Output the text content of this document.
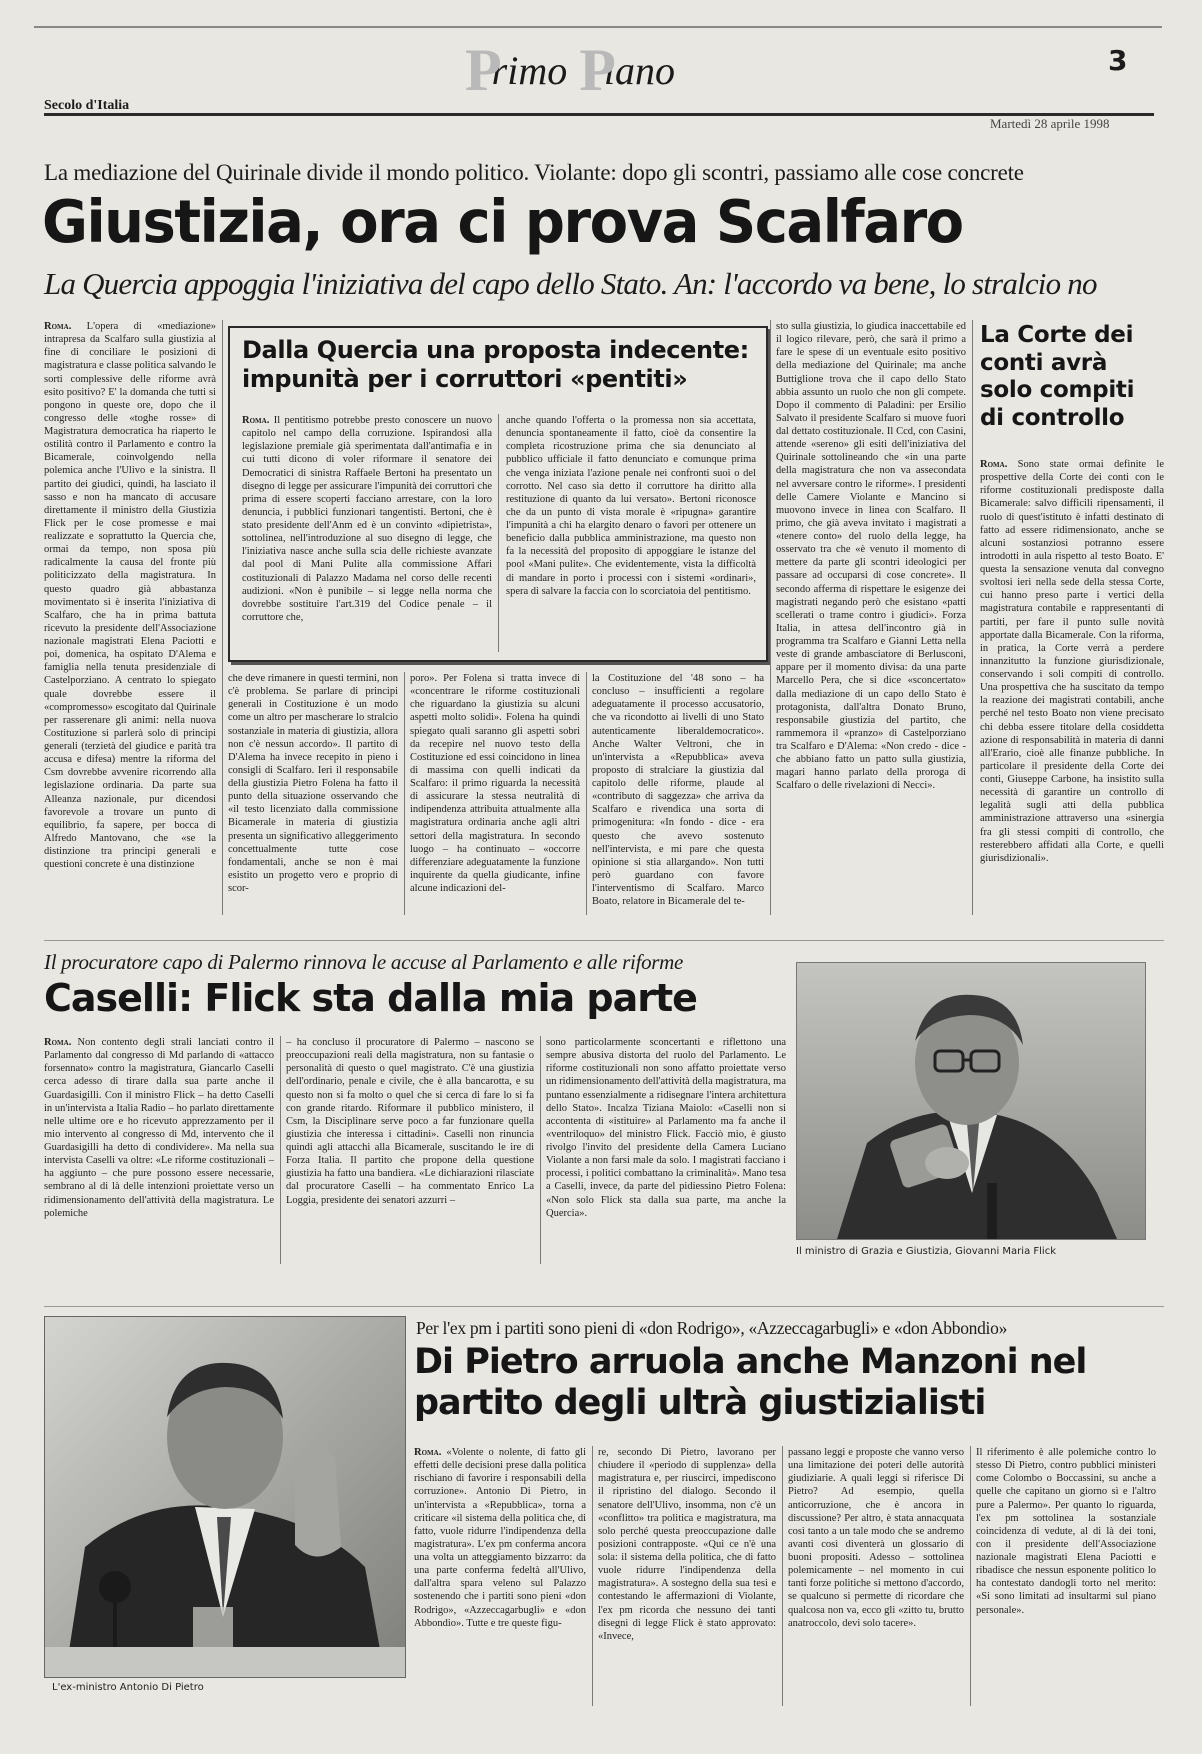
Primo Piano	3
Secolo d'Italia
Martedì 28 aprile 1998
La mediazione del Quirinale divide il mondo politico. Violante: dopo gli scontri, passiamo alle cose concrete
Giustizia, ora ci prova Scalfaro
La Quercia appoggia l'iniziativa del capo dello Stato. An: l'accordo va bene, lo stralcio no
Roma. L'opera di «mediazione» intrapresa da Scalfaro sulla giustizia al fine di conciliare le posizioni di magistratura e classe politica salvando le sorti complessive delle riforme avrà esito positivo? E' la domanda che tutti si pongono in queste ore, dopo che il congresso delle «toghe rosse» di Magistratura democratica ha riaperto le ostilità contro il Parlamento e contro la Bicamerale, coinvolgendo nella polemica anche l'Ulivo e la sinistra. Il partito dei giudici, quindi, ha lasciato il sasso e non ha mancato di accusare direttamente il ministro della Giustizia Flick per le cose promesse e mai realizzate e soprattutto la Quercia che, ormai da tempo, non sposa più radicalmente la causa del fronte più politicizzato della magistratura. In questo quadro già abbastanza movimentato si è inserita l'iniziativa di Scalfaro, che ha in prima battuta ricevuto la presidente dell'Associazione nazionale magistrati Elena Paciotti e poi, domenica, ha ospitato D'Alema e famiglia nella tenuta presidenziale di Castelporziano. A centrato lo spiegato quale dovrebbe essere il «compromesso» escogitato dal Quirinale per rasserenare gli animi: nella nuova Costituzione si parlerà solo di principi generali (terzietà del giudice e parità tra accusa e difesa) mentre la riforma del Csm dovrebbe avvenire ricorrendo alla legislazione ordinaria. Da parte sua Alleanza nazionale, pur dicendosi favorevole a trovare un punto di equilibrio, fa sapere, per bocca di Alfredo Mantovano, che «se la distinzione tra principi generali e questioni concrete è una distinzione
Dalla Quercia una proposta indecente: impunità per i corruttori «pentiti»
Roma. Il pentitismo potrebbe presto conoscere un nuovo capitolo nel campo della corruzione. Ispirandosi alla legislazione premiale già sperimentata dall'antimafia e in cui tutti dicono di voler riformare il senatore dei Democratici di sinistra Raffaele Bertoni ha presentato un disegno di legge per assicurare l'impunità dei corruttori che prima di essere scoperti facciano arrestare, con la loro denuncia, i pubblici funzionari tangentisti. Bertoni, che è stato presidente dell'Anm ed è un convinto «dipietrista», sottolinea, nell'introduzione al suo disegno di legge, che l'iniziativa nasce anche sulla scia delle richieste avanzate dal pool di Mani Pulite alla commissione Affari costituzionali di Palazzo Madama nel corso delle recenti audizioni. «Non è punibile – si legge nella norma che dovrebbe sostituire l'art.319 del Codice penale – il corruttore che,
anche quando l'offerta o la promessa non sia accettata, denuncia spontaneamente il fatto, cioè da consentire la completa ricostruzione prima che sia denunciato al pubblico ufficiale il fatto denunciato e comunque prima che venga iniziata l'azione penale nei confronti suoi o del corrotto. Nel caso sia detto il corruttore ha diritto alla restituzione di quanto da lui versato». Bertoni riconosce che da un punto di vista morale è «ripugna» garantire l'impunità a chi ha elargito denaro o favori per ottenere un beneficio dalla pubblica amministrazione, ma questo non fa la necessità del proposito di appoggiare le istanze del pool «Mani pulite». Che evidentemente, vista la difficoltà di mandare in porto i processi con i sistemi «ordinari», spera di salvare la faccia con lo scorciatoia del pentitismo.
che deve rimanere in questi termini, non c'è problema. Se parlare di principi generali in Costituzione è un modo come un altro per mascherare lo stralcio sostanziale in materia di giustizia, allora non c'è nessun accordo». Il partito di D'Alema ha invece recepito in pieno i consigli di Scalfaro. Ieri il responsabile della giustizia Pietro Folena ha fatto il punto della situazione osservando che «il testo licenziato dalla commissione Bicamerale in materia di giustizia presenta un significativo alleggerimento concettualmente tutte cose fondamentali, anche se non è mai esistito un progetto vero e proprio di scor-
poro». Per Folena si tratta invece di «concentrare le riforme costituzionali che riguardano la giustizia su alcuni aspetti molto solidi». Folena ha quindi spiegato quali saranno gli aspetti sobri da recepire nel nuovo testo della Costituzione ed essi coincidono in linea di massima con quelli indicati da Scalfaro: il primo riguarda la necessità di assicurare la stessa neutralità di indipendenza attribuita attualmente alla magistratura ordinaria anche agli altri settori della magistratura. In secondo luogo – ha continuato – «occorre differenziare adeguatamente la funzione inquirente da quella giudicante, infine alcune indicazioni del-
la Costituzione del '48 sono – ha concluso – insufficienti a regolare adeguatamente il processo accusatorio, che va ricondotto ai livelli di uno Stato autenticamente liberaldemocratico». Anche Walter Veltroni, che in un'intervista a «Repubblica» aveva proposto di stralciare la giustizia dal capitolo delle riforme, plaude al «contributo di saggezza» che arriva da Scalfaro e rivendica una sorta di primogenitura: «In fondo - dice - era questo che avevo sostenuto nell'intervista, e mi pare che questa opinione si stia allargando». Non tutti però guardano con favore l'interventismo di Scalfaro. Marco Boato, relatore in Bicamerale del te-
sto sulla giustizia, lo giudica inaccettabile ed il logico rilevare, però, che sarà il primo a fare le spese di un eventuale esito positivo della mediazione del Quirinale; ma anche Buttiglione trova che il capo dello Stato abbia assunto un ruolo che non gli compete. Dopo il commento di Paladini: per Ersilio Salvato il presidente Scalfaro si muove fuori dal dettato costituzionale. Il Ccd, con Casini, attende «sereno» gli esiti dell'iniziativa del Quirinale sottolineando che «in una parte della magistratura che non va assecondata nel avversare contro le riforme». I presidenti delle Camere Violante e Mancino si muovono invece in linea con Scalfaro. Il primo, che già aveva invitato i magistrati a «tenere conto» del ruolo della legge, ha osservato tra che «è venuto il momento di mettere da parte gli scontri ideologici per passare ad occuparsi di cose concrete». Il secondo afferma di rispettare le esigenze dei magistrati negando però che esistano «patti scellerati o trame contro i giudici». Forza Italia, in attesa dell'incontro già in programma tra Scalfaro e Gianni Letta nella veste di grande ambasciatore di Berlusconi, appare per il momento divisa: da una parte Marcello Pera, che si dice «sconcertato» dalla mediazione di un capo dello Stato è protagonista, dall'altra Donato Bruno, responsabile giustizia del partito, che rammemora il «pranzo» di Castelporziano tra Scalfaro e D'Alema: «Non credo - dice - che abbiano fatto un patto sulla giustizia, magari hanno parlato della proroga di Scalfaro o delle rivelazioni di Necci».
La Corte dei conti avrà solo compiti di controllo
Roma. Sono state ormai definite le prospettive della Corte dei conti con le riforme costituzionali predisposte dalla Bicamerale: salvo difficili ripensamenti, il ruolo di quest'istituto è infatti destinato di fatto ad essere ridimensionato, anche se alcuni sostanziosi potranno essere introdotti in aula rispetto al testo Boato. E' questa la sensazione venuta dal convegno svoltosi ieri nella sede della stessa Corte, cui hanno preso parte i vertici della magistratura contabile e rappresentanti di partiti, per fare il punto sulle novità apportate dalla Bicamerale. Con la riforma, in pratica, la Corte verrà a perdere innanzitutto la funzione giurisdizionale, conservando i soli compiti di controllo. Una prospettiva che ha suscitato da tempo la reazione dei magistrati contabili, anche perché nel testo Boato non viene precisato chi debba essere titolare della cosiddetta azione di responsabilità in materia di danni all'Erario, cioè alle finanze pubbliche. In particolare il presidente della Corte dei conti, Giuseppe Carbone, ha insistito sulla necessità di garantire un controllo di legalità sugli atti della pubblica amministrazione attraverso una «sinergia fra gli stessi compiti di controllo, che resterebbero affidati alla Corte, e quelli giurisdizionali».
Il procuratore capo di Palermo rinnova le accuse al Parlamento e alle riforme
Caselli: Flick sta dalla mia parte
Roma. Non contento degli strali lanciati contro il Parlamento dal congresso di Md parlando di «attacco forsennato» contro la magistratura, Giancarlo Caselli cerca adesso di tirare dalla sua parte anche il Guardasigilli. Con il ministro Flick – ha detto Caselli in un'intervista a Italia Radio – ho parlato direttamente nelle ultime ore e ho ricevuto apprezzamento per il mio intervento al congresso di Md, intervento che il Guardasigilli ha detto di condividere». Ma nella sua intervista Caselli va oltre: «Le riforme costituzionali – ha aggiunto – che pure possono essere necessarie, sembrano al di là delle intenzioni proiettate verso un ridimensionamento dell'attività della magistratura. Le polemiche
– ha concluso il procuratore di Palermo – nascono se preoccupazioni reali della magistratura, non su fantasie o personalità di questo o quel magistrato. C'è una giustizia dell'ordinario, penale e civile, che è alla bancarotta, e su questo non si fa molto o quel che si cerca di fare lo si fa con grande ritardo. Riformare il pubblico ministero, il Csm, la Disciplinare serve poco a far funzionare quella giustizia che interessa i cittadini». Caselli non rinuncia quindi agli attacchi alla Bicamerale, suscitando le ire di Forza Italia. Il partito che propone della questione giustizia ha fatto una bandiera. «Le dichiarazioni rilasciate dal procuratore Caselli – ha commentato Enrico La Loggia, presidente dei senatori azzurri –
sono particolarmente sconcertanti e riflettono una sempre abusiva distorta del ruolo del Parlamento. Le riforme costituzionali non sono affatto proiettate verso un ridimensionamento dell'attività della magistratura, ma puntano essenzialmente a ridisegnare l'intera architettura dello Stato». Incalza Tiziana Maiolo: «Caselli non si accontenta di «istituire» al Parlamento ma fa anche il «ventriloquo» del ministro Flick. Facciò mio, è giusto rivolgo l'invito del presidente della Camera Luciano Violante a non farsi male da solo. I magistrati facciano i processi, i politici combattano la criminalità». Mano tesa a Caselli, invece, da parte del pidiessino Pietro Folena: «Non solo Flick sta dalla sua parte, ma anche la Quercia».
Il ministro di Grazia e Giustizia, Giovanni Maria Flick
L'ex-ministro Antonio Di Pietro
Per l'ex pm i partiti sono pieni di «don Rodrigo», «Azzeccagarbugli» e «don Abbondio»
Di Pietro arruola anche Manzoni nel partito degli ultrà giustizialisti
Roma. «Volente o nolente, di fatto gli effetti delle decisioni prese dalla politica rischiano di favorire i responsabili della corruzione». Antonio Di Pietro, in un'intervista a «Repubblica», torna a criticare «il sistema della politica che, di fatto, vuole ridurre l'indipendenza della magistratura». L'ex pm conferma ancora una volta un atteggiamento bizzarro: da una parte conferma fedeltà all'Ulivo, dall'altra spara veleno sul Palazzo sostenendo che i partiti sono pieni «don Rodrigo», «Azzeccagarbugli» e «don Abbondio». Tutte e tre queste figu-
re, secondo Di Pietro, lavorano per chiudere il «periodo di supplenza» della magistratura e, per riuscirci, impediscono il ripristino del dialogo. Secondo il senatore dell'Ulivo, insomma, non c'è un «conflitto» tra politica e magistratura, ma solo perché questa preoccupazione dalle posizioni contrapposte. «Qui ce n'è una sola: il sistema della politica, che di fatto vuole ridurre l'indipendenza della magistratura». A sostegno della sua tesi e contestando le affermazioni di Violante, l'ex pm ricorda che nessuno dei tanti disegni di legge Flick è stato approvato: «Invece,
passano leggi e proposte che vanno verso una limitazione dei poteri delle autorità giudiziarie. A quali leggi si riferisce Di Pietro? Ad esempio, quella anticorruzione, che è ancora in discussione? Per altro, è stata annacquata così tanto a un tale modo che se andremo avanti così diventerà un glossario di buoni propositi. Adesso – sottolinea polemicamente – nel momento in cui tanti forze politiche si mettono d'accordo, se qualcuno si permette di ricordare che qualcosa non va, ecco gli «zitto tu, brutto anatroccolo, devi solo tacere».
Il riferimento è alle polemiche contro lo stesso Di Pietro, contro pubblici ministeri come Colombo o Boccassini, su anche a quelle che capitano un giorno sì e l'altro pure a Palermo». Per quanto lo riguarda, l'ex pm sottolinea la sostanziale coincidenza di vedute, al di là dei toni, con il presidente dell'Associazione nazionale magistrati Elena Paciotti e ribadisce che nessun esponente politico lo ha contestato dandogli torto nel merito: «Si sono limitati ad insultarmi sul piano personale».
